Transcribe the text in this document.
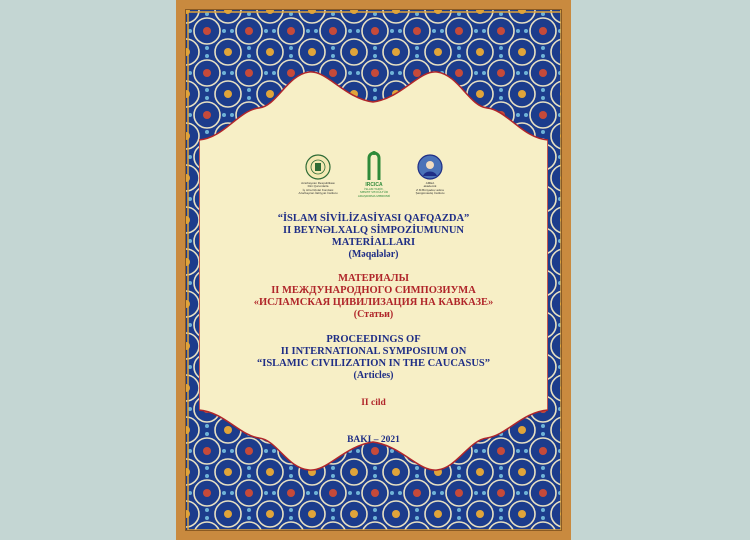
Azərbaycan Respublikası
Dini Qurumlarla
İş üzrə Dövlət Komitəsi
Azərbaycan İlahiyyat İnstitutu
IRCICA
İSLAM TARİX,
SƏNƏT VƏ KÜLTÜR
ARAŞDIRMA MƏRKƏZİ
AMEA
akademik
Z.M.Bünyadov adına
Şərqşünaslıq İnstitutu
“İSLAM SİVİLİZASİYASI QAFQAZDA”
II BEYNƏLXALQ SİMPOZİUMUNUN
MATERİALLARI
(Məqalələr)
МАТЕРИАЛЫ
II МЕЖДУНАРОДНОГО СИМПОЗИУМА
«ИСЛАМСКАЯ ЦИВИЛИЗАЦИЯ НА КАВКАЗЕ»
(Статьи)
PROCEEDINGS OF
II INTERNATIONAL SYMPOSIUM ON
“ISLAMIC CIVILIZATION IN THE CAUCASUS”
(Articles)
II cild
BAKI – 2021
